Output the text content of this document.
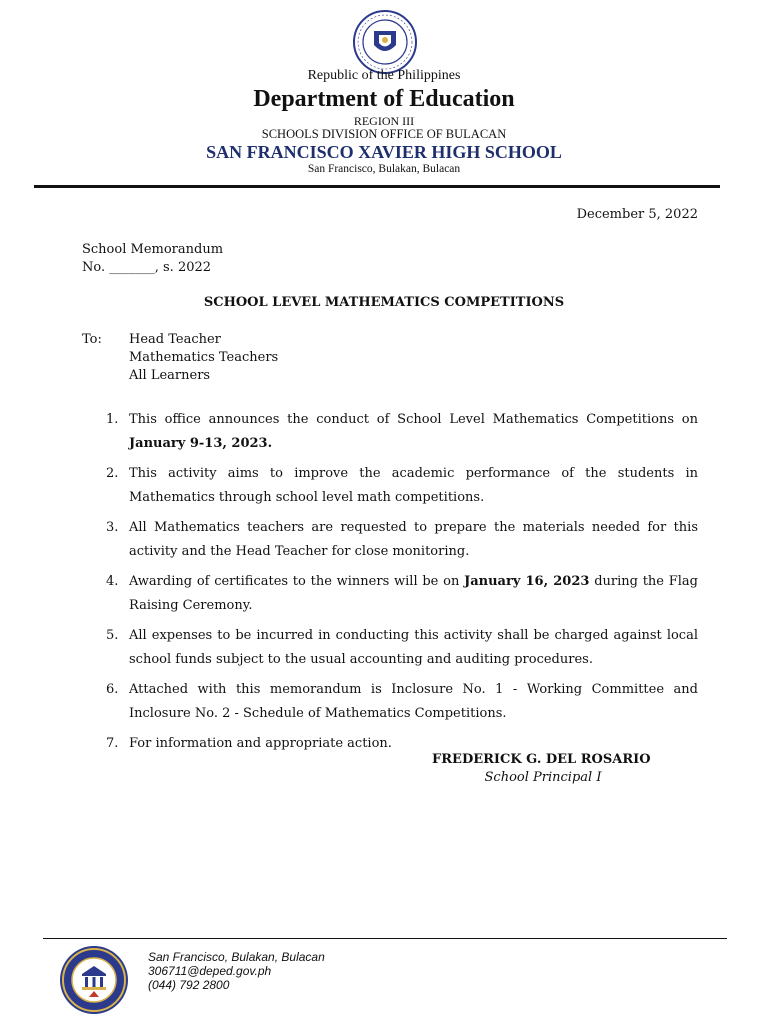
Republic of the Philippines
Department of Education
REGION III
SCHOOLS DIVISION OFFICE OF BULACAN
SAN FRANCISCO XAVIER HIGH SCHOOL
San Francisco, Bulakan, Bulacan
December 5, 2022
School Memorandum
No. _______, s. 2022
SCHOOL LEVEL MATHEMATICS COMPETITIONS
To: Head Teacher
Mathematics Teachers
All Learners
1. This office announces the conduct of School Level Mathematics Competitions on January 9-13, 2023.
2. This activity aims to improve the academic performance of the students in Mathematics through school level math competitions.
3. All Mathematics teachers are requested to prepare the materials needed for this activity and the Head Teacher for close monitoring.
4. Awarding of certificates to the winners will be on January 16, 2023 during the Flag Raising Ceremony.
5. All expenses to be incurred in conducting this activity shall be charged against local school funds subject to the usual accounting and auditing procedures.
6. Attached with this memorandum is Inclosure No. 1 - Working Committee and Inclosure No. 2 - Schedule of Mathematics Competitions.
7. For information and appropriate action.
FREDERICK G. DEL ROSARIO
School Principal I
San Francisco, Bulakan, Bulacan
306711@deped.gov.ph
(044) 792 2800
